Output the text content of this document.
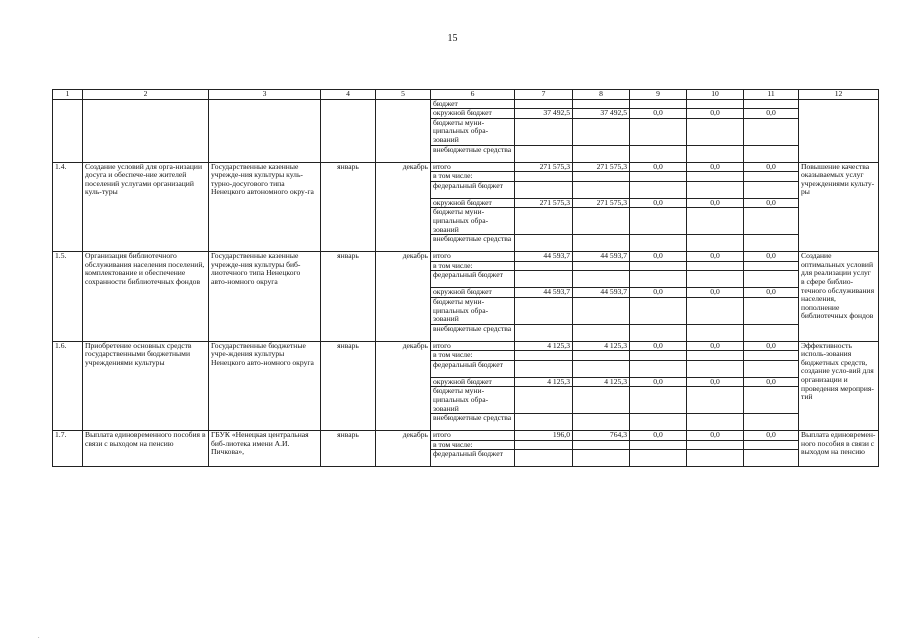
15
1	2	3	4	5	6	7	8	9	10	11	12
					бюджет						
					окружной бюджет	37 492,5	37 492,5	0,0	0,0	0,0	
					бюджеты муни-ципальных обра-зований						
					внебюджетные средства						
1.4.	Создание условий для орга-низации досуга и обеспече-ние жителей поселений услугами организаций куль-туры	Государственные казенные учрежде-ния культуры куль-турно-досугового типа Ненецкого автономного окру-га	январь	декабрь	итого	271 575,3	271 575,3	0,0	0,0	0,0	Повышение качества оказываемых услуг учреждениями культу-ры
					в том числе:						
					федеральный бюджет						
					окружной бюджет	271 575,3	271 575,3	0,0	0,0	0,0	
					бюджеты муни-ципальных обра-зований						
					внебюджетные средства						
1.5.	Организация библиотечного обслуживания населения поселений, комплектование и обеспечение сохранности библиотечных фондов	Государственные казенные учрежде-ния культуры биб-лиотечного типа Ненецкого авто-номного округа	январь	декабрь	итого	44 593,7	44 593,7	0,0	0,0	0,0	Создание оптимальных условий для реализации услуг в сфере библио-течного обслуживания населения, пополнение библиотечных фондов
					в том числе:						
					федеральный бюджет						
					окружной бюджет	44 593,7	44 593,7	0,0	0,0	0,0	
					бюджеты муни-ципальных обра-зований						
					внебюджетные средства						
1.6.	Приобретение основных средств государственными бюджетными учреждениями культуры	Государственные бюджетные учре-ждения культуры Ненецкого авто-номного округа	январь	декабрь	итого	4 125,3	4 125,3	0,0	0,0	0,0	Эффективность исполь-зования бюджетных средств, создание усло-вий для организации и проведения мероприя-тий
					в том числе:						
					федеральный бюджет						
					окружной бюджет	4 125,3	4 125,3	0,0	0,0	0,0	
					бюджеты муни-ципальных обра-зований						
					внебюджетные средства						
1.7.	Выплата единовременного пособия в связи с выходом на пенсию	ГБУК «Ненецкая центральная биб-лиотека имени А.И. Пичкова»,	январь	декабрь	итого	196,0	764,3	0,0	0,0	0,0	Выплата единовремен-ного пособия в связи с выходом на пенсию
					в том числе:						
					федеральный бюджет						
.
